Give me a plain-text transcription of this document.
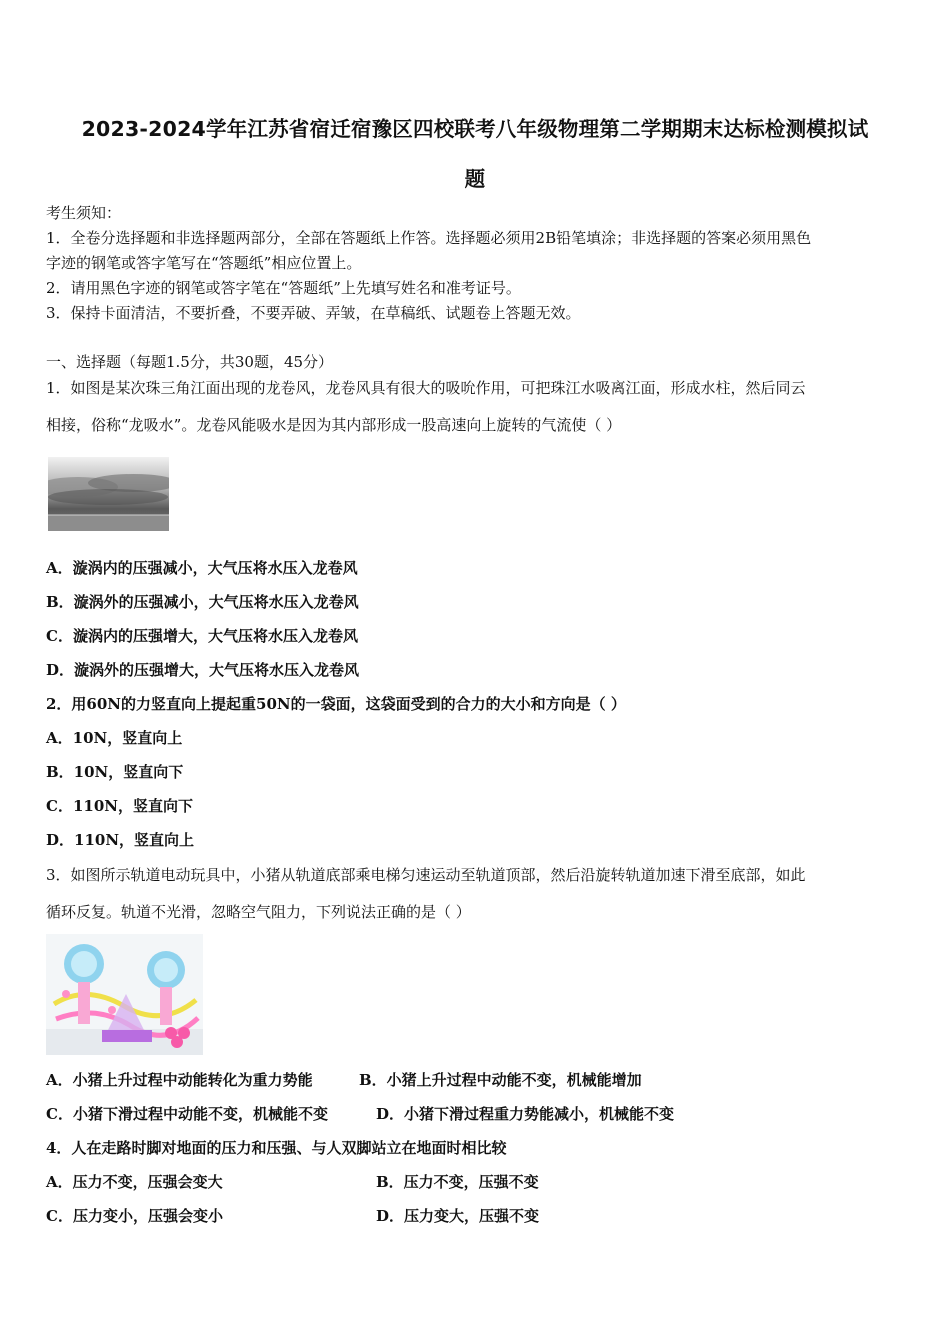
2023-2024学年江苏省宿迁宿豫区四校联考八年级物理第二学期期末达标检测模拟试
题
考生须知：
1．全卷分选择题和非选择题两部分，全部在答题纸上作答。选择题必须用2B铅笔填涂；非选择题的答案必须用黑色
字迹的钢笔或答字笔写在“答题纸”相应位置上。
2．请用黑色字迹的钢笔或答字笔在“答题纸”上先填写姓名和准考证号。
3．保持卡面清洁，不要折叠，不要弄破、弄皱，在草稿纸、试题卷上答题无效。
一、选择题（每题1.5分，共30题，45分）
1．如图是某次珠三角江面出现的龙卷风，龙卷风具有很大的吸吮作用，可把珠江水吸离江面，形成水柱，然后同云
相接，俗称“龙吸水”。龙卷风能吸水是因为其内部形成一股高速向上旋转的气流使（ ）
A．漩涡内的压强减小，大气压将水压入龙卷风
B．漩涡外的压强减小，大气压将水压入龙卷风
C．漩涡内的压强增大，大气压将水压入龙卷风
D．漩涡外的压强增大，大气压将水压入龙卷风
2．用60N的力竖直向上提起重50N的一袋面，这袋面受到的合力的大小和方向是（ ）
A．10N，竖直向上
B．10N，竖直向下
C．110N，竖直向下
D．110N，竖直向上
3．如图所示轨道电动玩具中，小猪从轨道底部乘电梯匀速运动至轨道顶部，然后沿旋转轨道加速下滑至底部，如此
循环反复。轨道不光滑，忽略空气阻力，下列说法正确的是（ ）
A．小猪上升过程中动能转化为重力势能	B．小猪上升过程中动能不变，机械能增加
C．小猪下滑过程中动能不变，机械能不变	D．小猪下滑过程重力势能减小，机械能不变
4．人在走路时脚对地面的压力和压强、与人双脚站立在地面时相比较
A．压力不变，压强会变大	B．压力不变，压强不变
C．压力变小，压强会变小	D．压力变大，压强不变
